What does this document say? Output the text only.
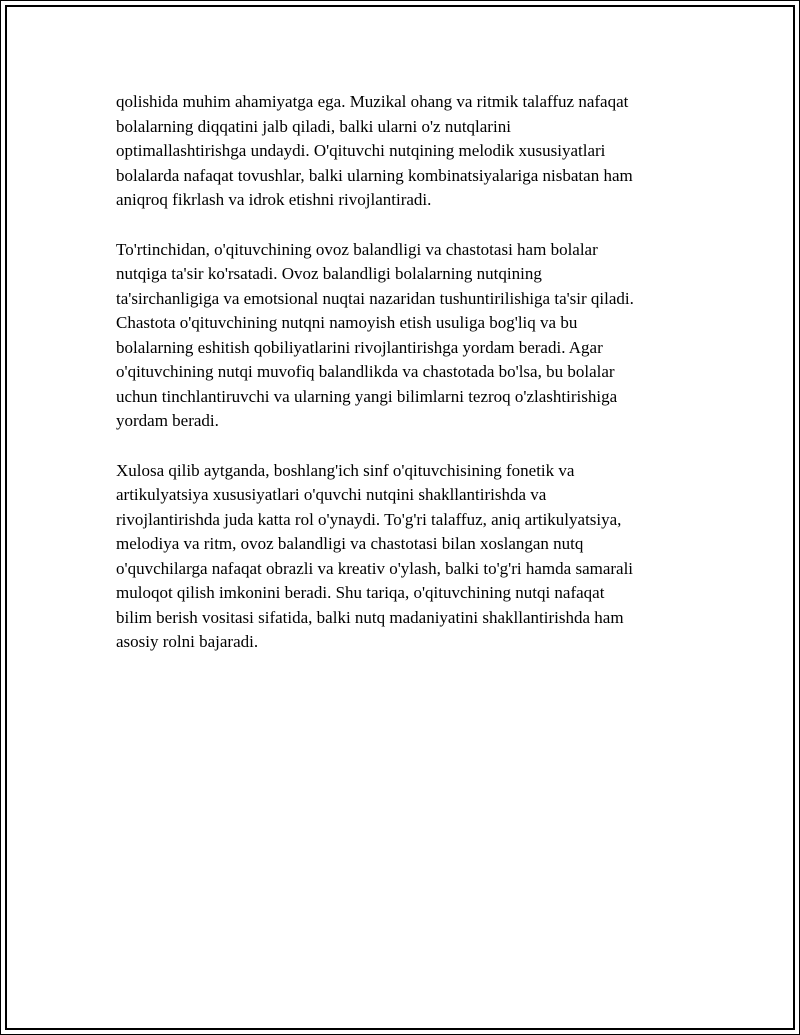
qolishida muhim ahamiyatga ega. Muzikal ohang va ritmik talaffuz nafaqat
bolalarning diqqatini jalb qiladi, balki ularni o'z nutqlarini
optimallashtirishga undaydi. O'qituvchi nutqining melodik xususiyatlari
bolalarda nafaqat tovushlar, balki ularning kombinatsiyalariga nisbatan ham
aniqroq fikrlash va idrok etishni rivojlantiradi.

To'rtinchidan, o'qituvchining ovoz balandligi va chastotasi ham bolalar
nutqiga ta'sir ko'rsatadi. Ovoz balandligi bolalarning nutqining
ta'sirchanligiga va emotsional nuqtai nazaridan tushuntirilishiga ta'sir qiladi.
Chastota o'qituvchining nutqni namoyish etish usuliga bog'liq va bu
bolalarning eshitish qobiliyatlarini rivojlantirishga yordam beradi. Agar
o'qituvchining nutqi muvofiq balandlikda va chastotada bo'lsa, bu bolalar
uchun tinchlantiruvchi va ularning yangi bilimlarni tezroq o'zlashtirishiga
yordam beradi.

Xulosa qilib aytganda, boshlang'ich sinf o'qituvchisining fonetik va
artikulyatsiya xususiyatlari o'quvchi nutqini shakllantirishda va
rivojlantirishda juda katta rol o'ynaydi. To'g'ri talaffuz, aniq artikulyatsiya,
melodiya va ritm, ovoz balandligi va chastotasi bilan xoslangan nutq
o'quvchilarga nafaqat obrazli va kreativ o'ylash, balki to'g'ri hamda samarali
muloqot qilish imkonini beradi. Shu tariqa, o'qituvchining nutqi nafaqat
bilim berish vositasi sifatida, balki nutq madaniyatini shakllantirishda ham
asosiy rolni bajaradi.
